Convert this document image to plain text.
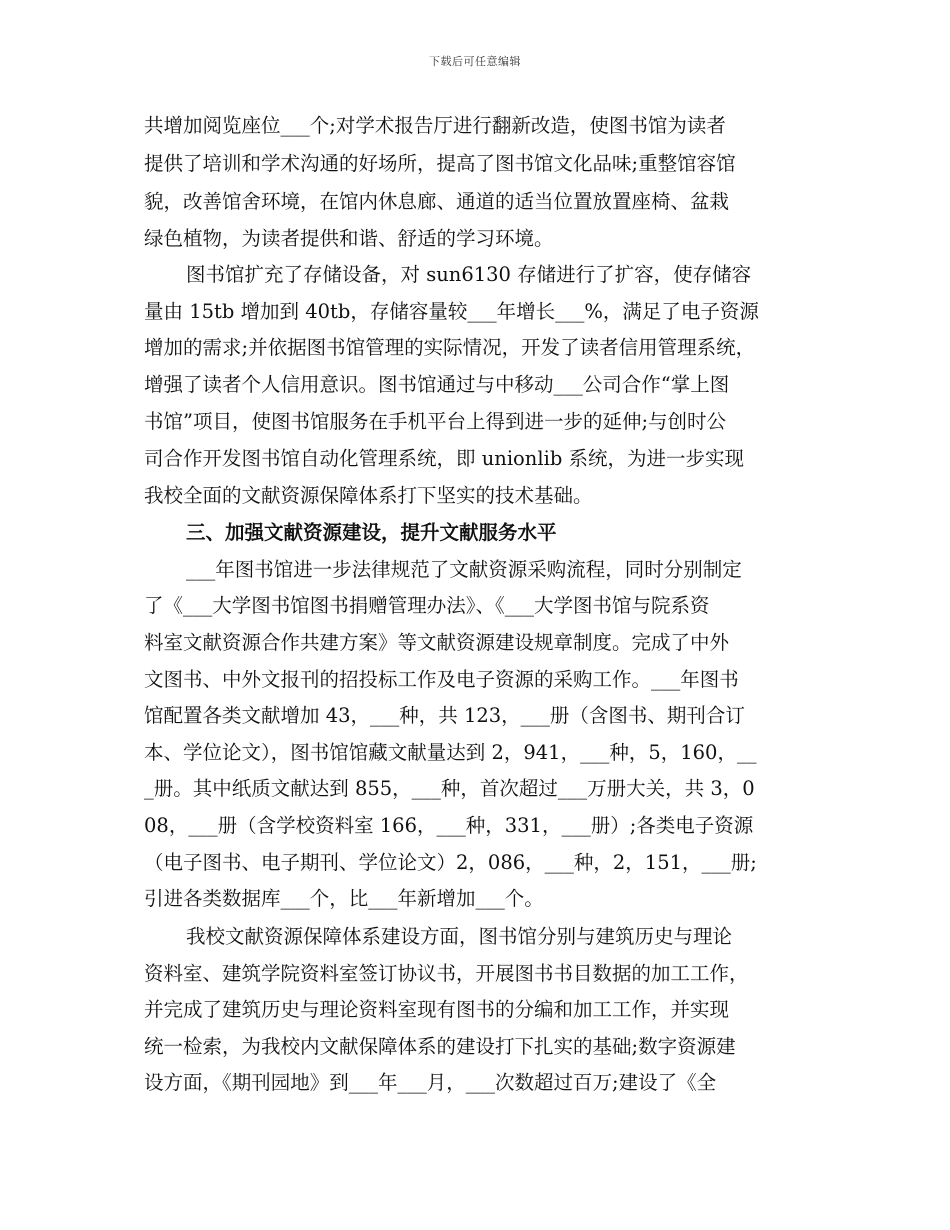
下载后可任意编辑
共增加阅览座位___个;对学术报告厅进行翻新改造，使图书馆为读者
提供了培训和学术沟通的好场所，提高了图书馆文化品味;重整馆容馆
貌，改善馆舍环境，在馆内休息廊、通道的适当位置放置座椅、盆栽
绿色植物，为读者提供和谐、舒适的学习环境。
图书馆扩充了存储设备，对 sun6130 存储进行了扩容，使存储容
量由 15tb 增加到 40tb，存储容量较___年增长___%，满足了电子资源
增加的需求;并依据图书馆管理的实际情况，开发了读者信用管理系统，
增强了读者个人信用意识。图书馆通过与中移动___公司合作“掌上图
书馆”项目，使图书馆服务在手机平台上得到进一步的延伸;与创时公
司合作开发图书馆自动化管理系统，即 unionlib 系统，为进一步实现
我校全面的文献资源保障体系打下坚实的技术基础。
三、加强文献资源建设，提升文献服务水平
___年图书馆进一步法律规范了文献资源采购流程，同时分别制定
了《___大学图书馆图书捐赠管理办法》、《___大学图书馆与院系资
料室文献资源合作共建方案》等文献资源建设规章制度。完成了中外
文图书、中外文报刊的招投标工作及电子资源的采购工作。___年图书
馆配置各类文献增加 43，___种，共 123，___册（含图书、期刊合订
本、学位论文），图书馆馆藏文献量达到 2，941，___种，5，160，__
_册。其中纸质文献达到 855，___种，首次超过___万册大关，共 3，0
08，___册（含学校资料室 166，___种，331，___册）;各类电子资源
（电子图书、电子期刊、学位论文）2，086，___种，2，151，___册;
引进各类数据库___个，比___年新增加___个。
我校文献资源保障体系建设方面，图书馆分别与建筑历史与理论
资料室、建筑学院资料室签订协议书，开展图书书目数据的加工工作，
并完成了建筑历史与理论资料室现有图书的分编和加工工作，并实现
统一检索，为我校内文献保障体系的建设打下扎实的基础;数字资源建
设方面，《期刊园地》到___年___月，___次数超过百万;建设了《全
